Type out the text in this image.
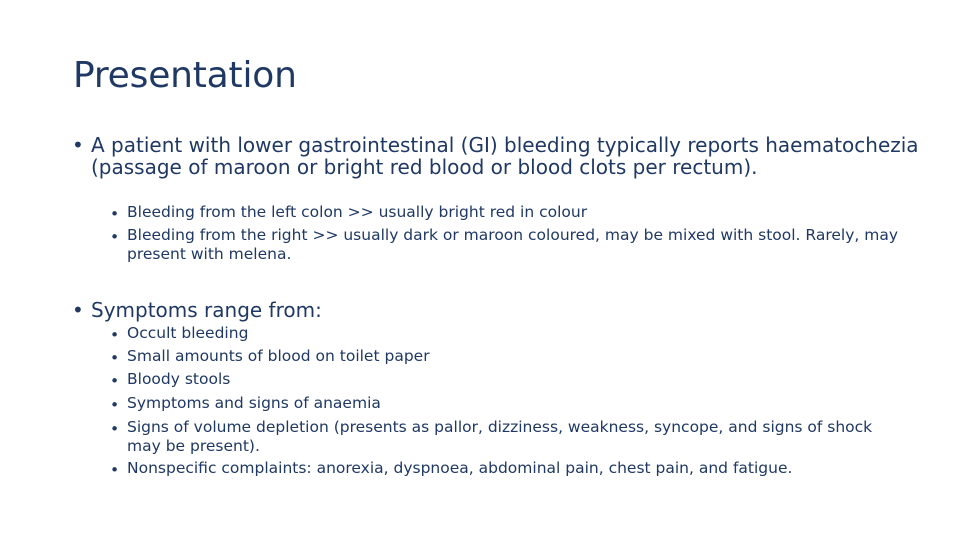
Presentation
• A patient with lower gastrointestinal (GI) bleeding typically reports haematochezia (passage of maroon or bright red blood or blood clots per rectum).
• Bleeding from the left colon >> usually bright red in colour
• Bleeding from the right >> usually dark or maroon coloured, may be mixed with stool. Rarely, may present with melena.
• Symptoms range from:
• Occult bleeding
• Small amounts of blood on toilet paper
• Bloody stools
• Symptoms and signs of anaemia
• Signs of volume depletion (presents as pallor, dizziness, weakness, syncope, and signs of shock may be present).
• Nonspecific complaints: anorexia, dyspnoea, abdominal pain, chest pain, and fatigue.
